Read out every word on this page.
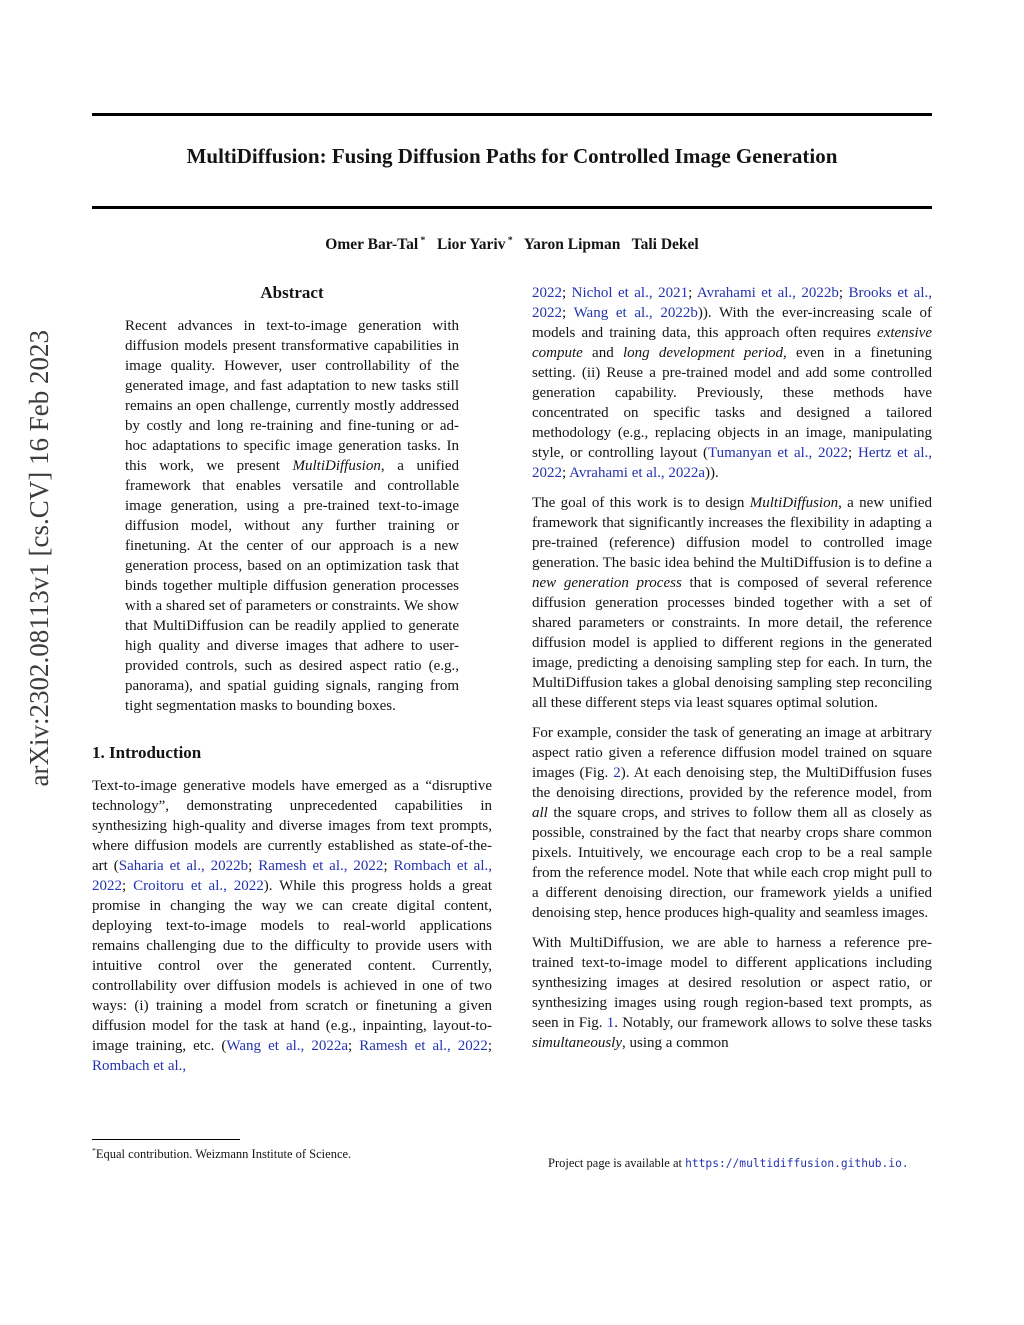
arXiv:2302.08113v1 [cs.CV] 16 Feb 2023
MultiDiffusion: Fusing Diffusion Paths for Controlled Image Generation
Omer Bar-Tal *   Lior Yariv *   Yaron Lipman   Tali Dekel
Abstract

Recent advances in text-to-image generation with diffusion models present transformative capabilities in image quality. However, user controllability of the generated image, and fast adaptation to new tasks still remains an open challenge, currently mostly addressed by costly and long re-training and fine-tuning or ad-hoc adaptations to specific image generation tasks. In this work, we present MultiDiffusion, a unified framework that enables versatile and controllable image generation, using a pre-trained text-to-image diffusion model, without any further training or finetuning. At the center of our approach is a new generation process, based on an optimization task that binds together multiple diffusion generation processes with a shared set of parameters or constraints. We show that MultiDiffusion can be readily applied to generate high quality and diverse images that adhere to user-provided controls, such as desired aspect ratio (e.g., panorama), and spatial guiding signals, ranging from tight segmentation masks to bounding boxes.

1. Introduction

Text-to-image generative models have emerged as a “disruptive technology”, demonstrating unprecedented capabilities in synthesizing high-quality and diverse images from text prompts, where diffusion models are currently established as state-of-the-art (Saharia et al., 2022b; Ramesh et al., 2022; Rombach et al., 2022; Croitoru et al., 2022). While this progress holds a great promise in changing the way we can create digital content, deploying text-to-image models to real-world applications remains challenging due to the difficulty to provide users with intuitive control over the generated content. Currently, controllability over diffusion models is achieved in one of two ways: (i) training a model from scratch or finetuning a given diffusion model for the task at hand (e.g., inpainting, layout-to-image training, etc. (Wang et al., 2022a; Ramesh et al., 2022; Rombach et al.,

2022; Nichol et al., 2021; Avrahami et al., 2022b; Brooks et al., 2022; Wang et al., 2022b)). With the ever-increasing scale of models and training data, this approach often requires extensive compute and long development period, even in a finetuning setting. (ii) Reuse a pre-trained model and add some controlled generation capability. Previously, these methods have concentrated on specific tasks and designed a tailored methodology (e.g., replacing objects in an image, manipulating style, or controlling layout (Tumanyan et al., 2022; Hertz et al., 2022; Avrahami et al., 2022a)).

The goal of this work is to design MultiDiffusion, a new unified framework that significantly increases the flexibility in adapting a pre-trained (reference) diffusion model to controlled image generation. The basic idea behind the MultiDiffusion is to define a new generation process that is composed of several reference diffusion generation processes binded together with a set of shared parameters or constraints. In more detail, the reference diffusion model is applied to different regions in the generated image, predicting a denoising sampling step for each. In turn, the MultiDiffusion takes a global denoising sampling step reconciling all these different steps via least squares optimal solution.

For example, consider the task of generating an image at arbitrary aspect ratio given a reference diffusion model trained on square images (Fig. 2). At each denoising step, the MultiDiffusion fuses the denoising directions, provided by the reference model, from all the square crops, and strives to follow them all as closely as possible, constrained by the fact that nearby crops share common pixels. Intuitively, we encourage each crop to be a real sample from the reference model. Note that while each crop might pull to a different denoising direction, our framework yields a unified denoising step, hence produces high-quality and seamless images.

With MultiDiffusion, we are able to harness a reference pre-trained text-to-image model to different applications including synthesizing images at desired resolution or aspect ratio, or synthesizing images using rough region-based text prompts, as seen in Fig. 1. Notably, our framework allows to solve these tasks simultaneously, using a common

*Equal contribution. Weizmann Institute of Science.
Project page is available at https://multidiffusion.github.io.
